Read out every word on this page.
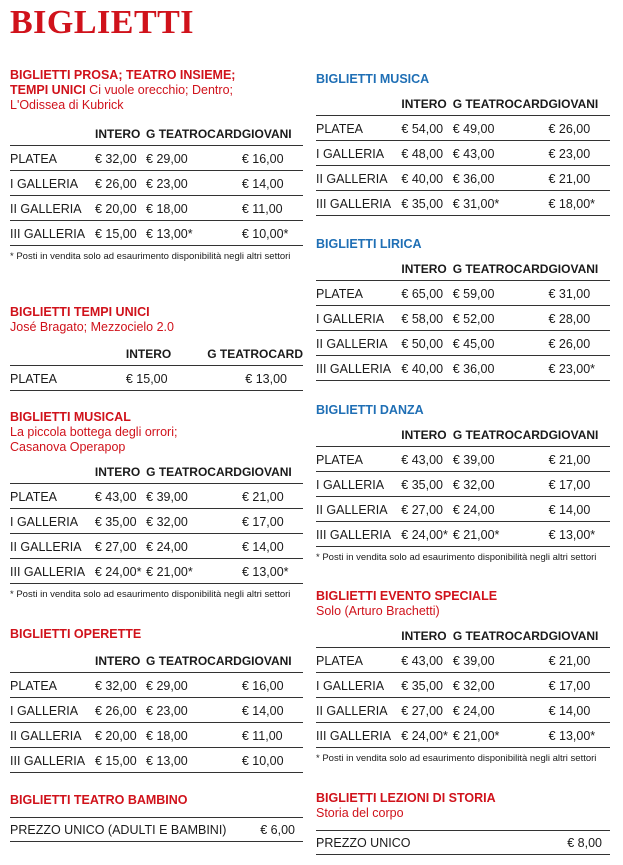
BIGLIETTI
BIGLIETTI PROSA; TEATRO INSIEME;
TEMPI UNICI Ci vuole orecchio; Dentro;
L'Odissea di Kubrick
	INTERO	G TEATROCARD	GIOVANI
PLATEA	€ 32,00	€ 29,00	€ 16,00
I GALLERIA	€ 26,00	€ 23,00	€ 14,00
II GALLERIA	€ 20,00	€ 18,00	€ 11,00
III GALLERIA	€ 15,00	€ 13,00*	€ 10,00*
* Posti in vendita solo ad esaurimento disponibilità negli altri settori
BIGLIETTI TEMPI UNICI
José Bragato; Mezzocielo 2.0
	INTERO	G TEATROCARD
PLATEA	€ 15,00	€ 13,00
BIGLIETTI MUSICAL
La piccola bottega degli orrori;
Casanova Operapop
	INTERO	G TEATROCARD	GIOVANI
PLATEA	€ 43,00	€ 39,00	€ 21,00
I GALLERIA	€ 35,00	€ 32,00	€ 17,00
II GALLERIA	€ 27,00	€ 24,00	€ 14,00
III GALLERIA	€ 24,00*	€ 21,00*	€ 13,00*
* Posti in vendita solo ad esaurimento disponibilità negli altri settori
BIGLIETTI OPERETTE
	INTERO	G TEATROCARD	GIOVANI
PLATEA	€ 32,00	€ 29,00	€ 16,00
I GALLERIA	€ 26,00	€ 23,00	€ 14,00
II GALLERIA	€ 20,00	€ 18,00	€ 11,00
III GALLERIA	€ 15,00	€ 13,00	€ 10,00
BIGLIETTI TEATRO BAMBINO
PREZZO UNICO (ADULTI E BAMBINI)	€ 6,00
BIGLIETTI MUSICA
	INTERO	G TEATROCARD	GIOVANI
PLATEA	€ 54,00	€ 49,00	€ 26,00
I GALLERIA	€ 48,00	€ 43,00	€ 23,00
II GALLERIA	€ 40,00	€ 36,00	€ 21,00
III GALLERIA	€ 35,00	€ 31,00*	€ 18,00*
BIGLIETTI LIRICA
	INTERO	G TEATROCARD	GIOVANI
PLATEA	€ 65,00	€ 59,00	€ 31,00
I GALLERIA	€ 58,00	€ 52,00	€ 28,00
II GALLERIA	€ 50,00	€ 45,00	€ 26,00
III GALLERIA	€ 40,00	€ 36,00	€ 23,00*
BIGLIETTI DANZA
	INTERO	G TEATROCARD	GIOVANI
PLATEA	€ 43,00	€ 39,00	€ 21,00
I GALLERIA	€ 35,00	€ 32,00	€ 17,00
II GALLERIA	€ 27,00	€ 24,00	€ 14,00
III GALLERIA	€ 24,00*	€ 21,00*	€ 13,00*
* Posti in vendita solo ad esaurimento disponibilità negli altri settori
BIGLIETTI EVENTO SPECIALE
Solo (Arturo Brachetti)
	INTERO	G TEATROCARD	GIOVANI
PLATEA	€ 43,00	€ 39,00	€ 21,00
I GALLERIA	€ 35,00	€ 32,00	€ 17,00
II GALLERIA	€ 27,00	€ 24,00	€ 14,00
III GALLERIA	€ 24,00*	€ 21,00*	€ 13,00*
* Posti in vendita solo ad esaurimento disponibilità negli altri settori
BIGLIETTI LEZIONI DI STORIA
Storia del corpo
PREZZO UNICO	€ 8,00
